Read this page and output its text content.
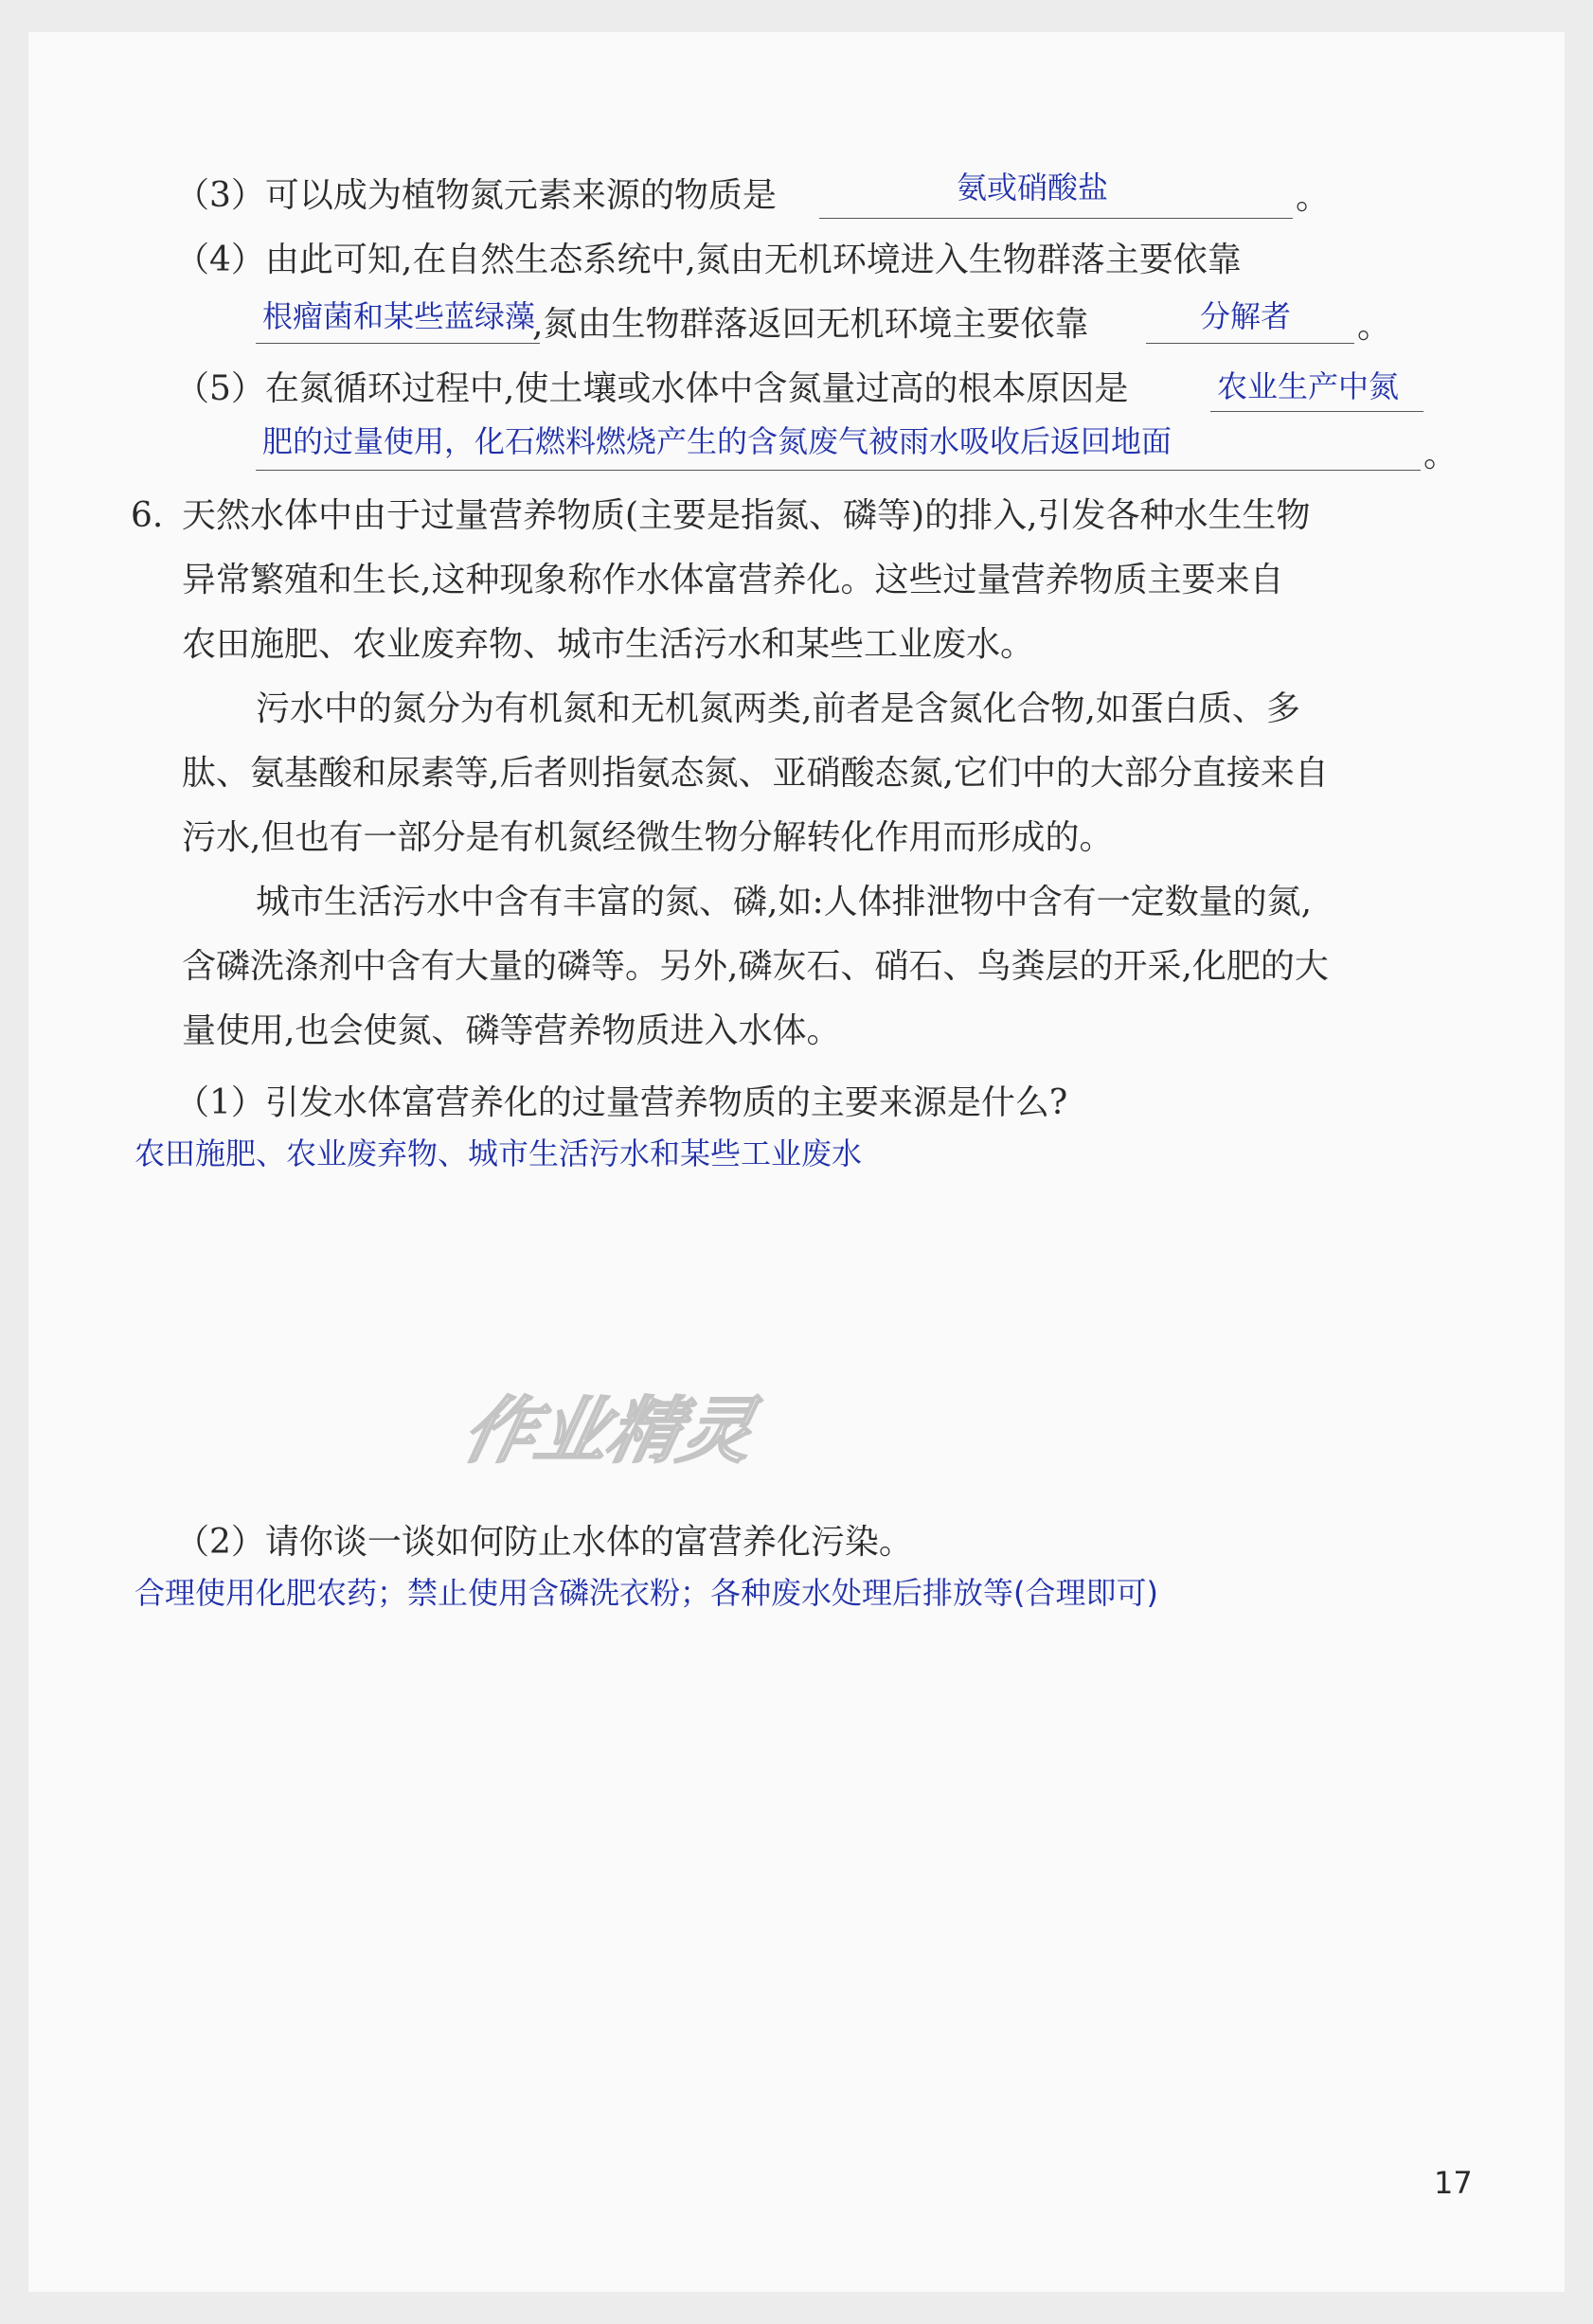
（3）可以成为植物氮元素来源的物质是	氨或硝酸盐	。
（4）由此可知,在自然生态系统中,氮由无机环境进入生物群落主要依靠
根瘤菌和某些蓝绿藻
,氮由生物群落返回无机环境主要依靠	分解者 。
（5）在氮循环过程中,使土壤或水体中含氮量过高的根本原因是	农业生产中氮
肥的过量使用，化石燃料燃烧产生的含氮废气被雨水吸收后返回地面	。
6. 天然水体中由于过量营养物质(主要是指氮、磷等)的排入,引发各种水生生物
异常繁殖和生长,这种现象称作水体富营养化。这些过量营养物质主要来自
农田施肥、农业废弃物、城市生活污水和某些工业废水。
污水中的氮分为有机氮和无机氮两类,前者是含氮化合物,如蛋白质、多
肽、氨基酸和尿素等,后者则指氨态氮、亚硝酸态氮,它们中的大部分直接来自
污水,但也有一部分是有机氮经微生物分解转化作用而形成的。
城市生活污水中含有丰富的氮、磷,如:人体排泄物中含有一定数量的氮,
含磷洗涤剂中含有大量的磷等。另外,磷灰石、硝石、鸟粪层的开采,化肥的大
量使用,也会使氮、磷等营养物质进入水体。
（1）引发水体富营养化的过量营养物质的主要来源是什么?
农田施肥、农业废弃物、城市生活污水和某些工业废水
作业精灵
（2）请你谈一谈如何防止水体的富营养化污染。
合理使用化肥农药；禁止使用含磷洗衣粉；各种废水处理后排放等(合理即可)
17
